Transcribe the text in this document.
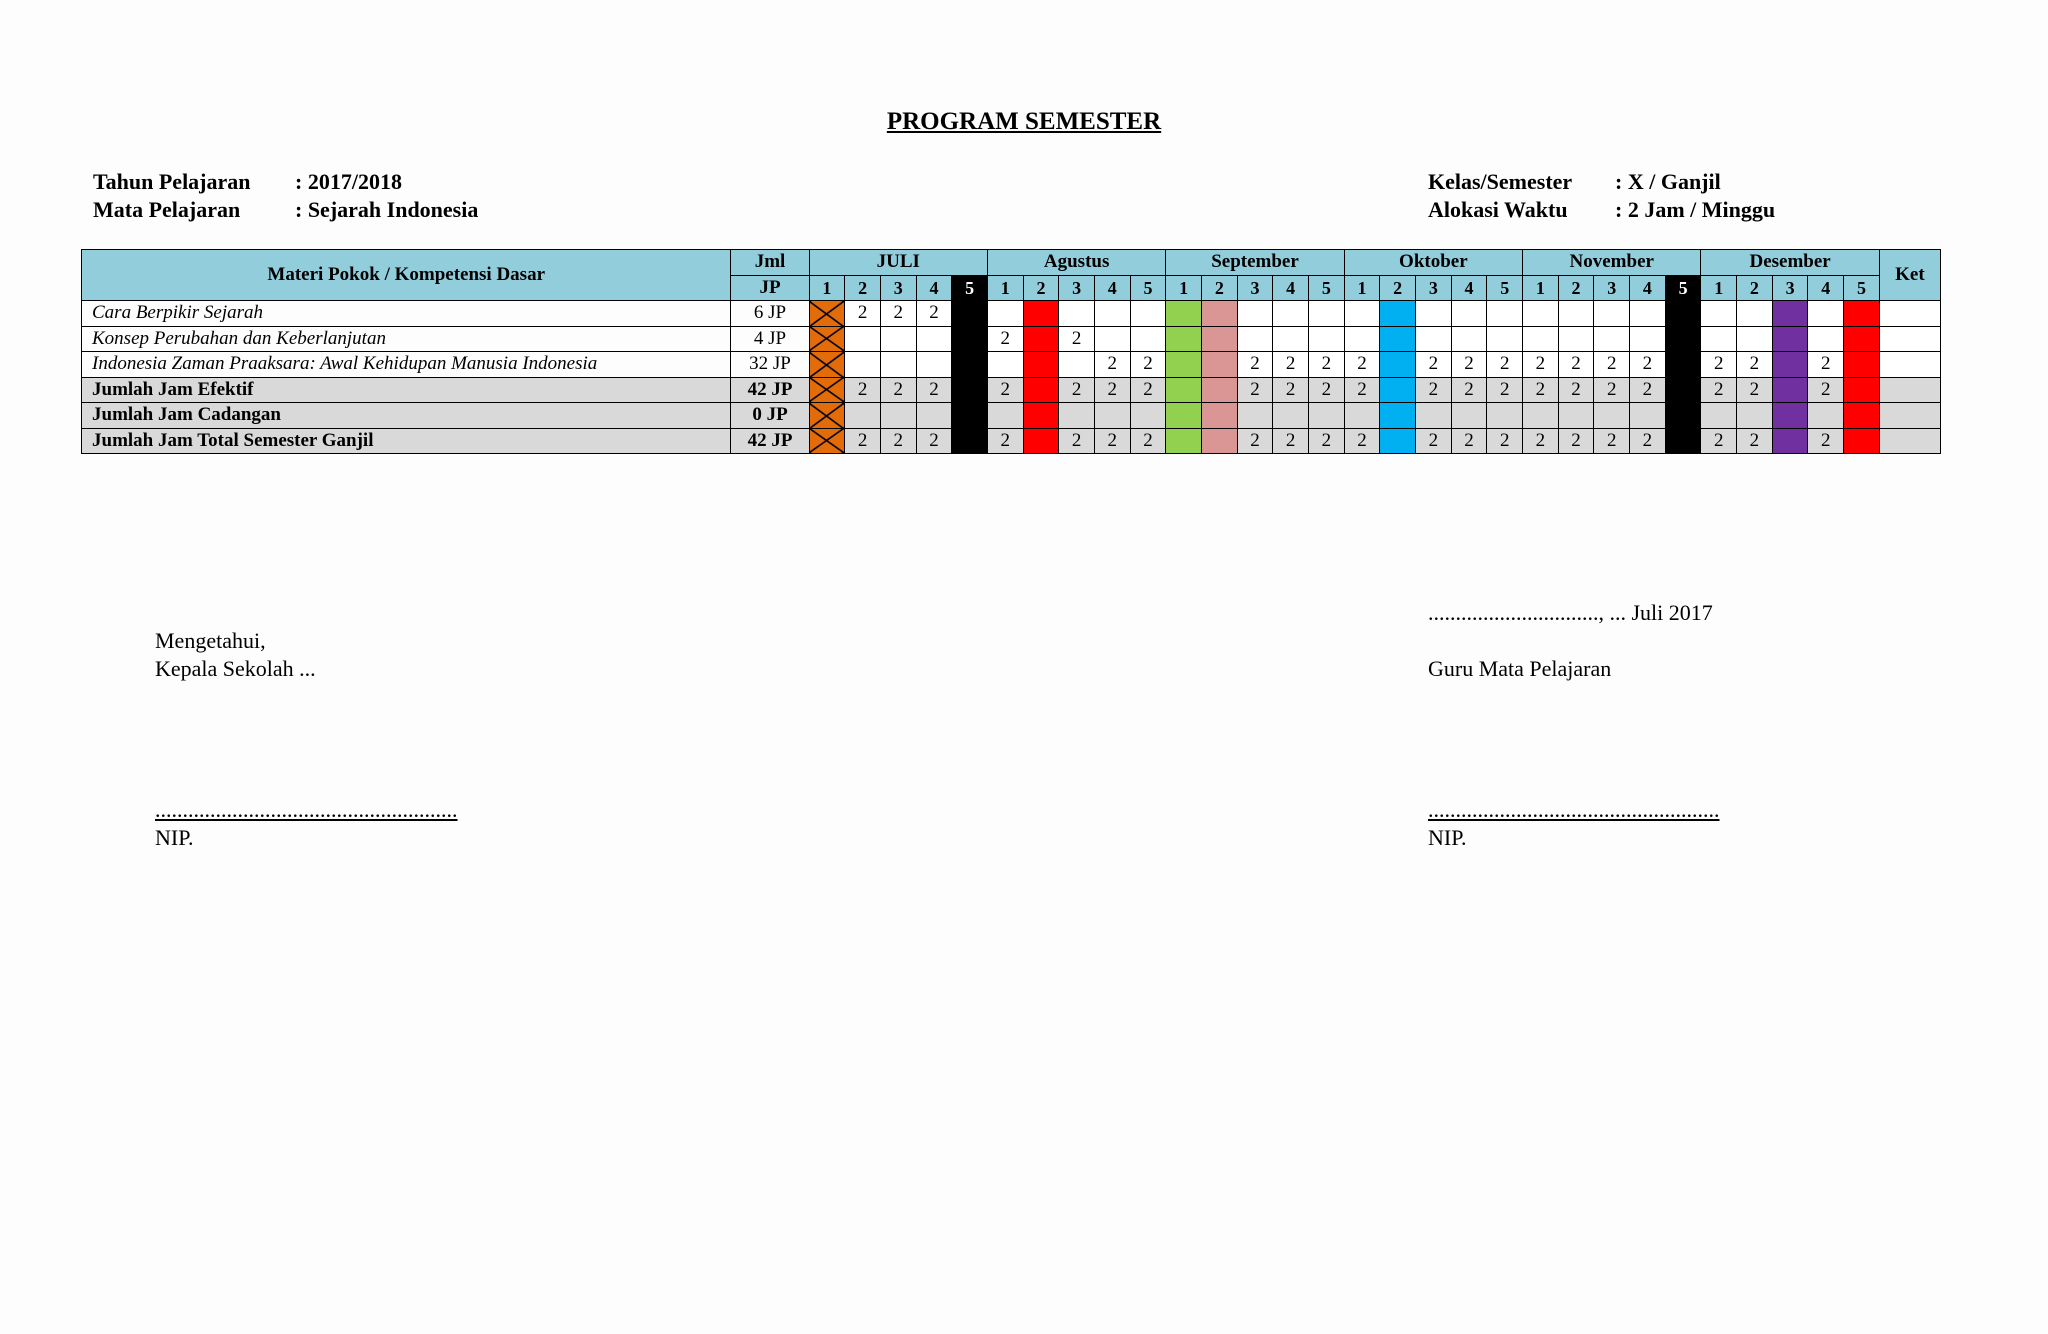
PROGRAM SEMESTER
Tahun Pelajaran	: 2017/2018
Mata Pelajaran	: Sejarah Indonesia
Kelas/Semester	: X / Ganjil
Alokasi Waktu	: 2 Jam / Minggu
Materi Pokok / Kompetensi Dasar	Jml	JULI					Agustus					September					Oktober					November					Desember					Ket
	JP	1	2	3	4	5	1	2	3	4	5	1	2	3	4	5	1	2	3	4	5	1	2	3	4	5	1	2	3	4	5	
Cara Berpikir Sejarah	6 JP		2	2	2																											
Konsep Perubahan dan Keberlanjutan	4 JP						2		2																							
Indonesia Zaman Praaksara: Awal Kehidupan Manusia Indonesia	32 JP									2	2			2	2	2	2		2	2	2	2	2	2	2		2	2		2		
Jumlah Jam Efektif	42 JP		2	2	2		2		2	2	2			2	2	2	2		2	2	2	2	2	2	2		2	2		2		
Jumlah Jam Cadangan	0 JP																															
Jumlah Jam Total Semester Ganjil	42 JP		2	2	2		2		2	2	2			2	2	2	2		2	2	2	2	2	2	2		2	2		2		
Mengetahui,
Kepala Sekolah ...
.......................................................
NIP.
..............................., ... Juli 2017
Guru Mata Pelajaran
.....................................................
NIP.
